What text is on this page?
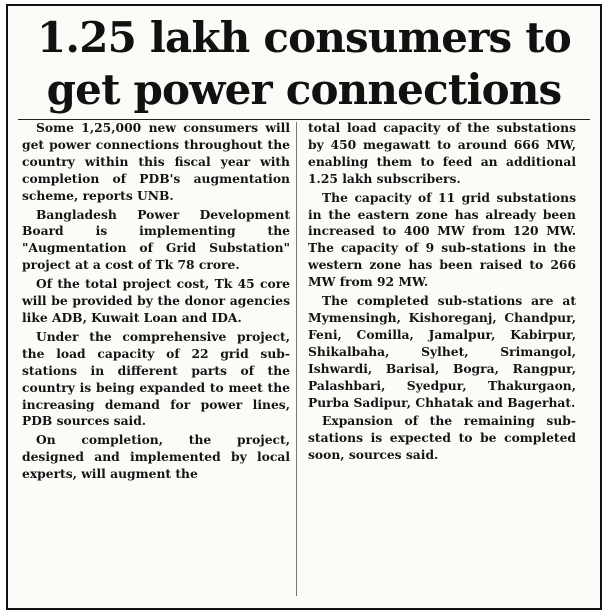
1.25 lakh consumers to
get power connections

Some 1,25,000 new consumers will get power connections throughout the country within this fiscal year with completion of PDB's augmentation scheme, reports UNB.

Bangladesh Power Development Board is implementing the "Augmentation of Grid Substation" project at a cost of Tk 78 crore.

Of the total project cost, Tk 45 core will be provided by the donor agencies like ADB, Kuwait Loan and IDA.

Under the comprehensive project, the load capacity of 22 grid sub-stations in different parts of the country is being expanded to meet the increasing demand for power lines, PDB sources said.

On completion, the project, designed and implemented by local experts, will augment the

total load capacity of the substations by 450 megawatt to around 666 MW, enabling them to feed an additional 1.25 lakh subscribers.

The capacity of 11 grid substations in the eastern zone has already been increased to 400 MW from 120 MW. The capacity of 9 sub-stations in the western zone has been raised to 266 MW from 92 MW.

The completed sub-stations are at Mymensingh, Kishoreganj, Chandpur, Feni, Comilla, Jamalpur, Kabirpur, Shikalbaha, Sylhet, Srimangol, Ishwardi, Barisal, Bogra, Rangpur, Palashbari, Syedpur, Thakurgaon, Purba Sadipur, Chhatak and Bagerhat.

Expansion of the remaining sub-stations is expected to be completed soon, sources said.
